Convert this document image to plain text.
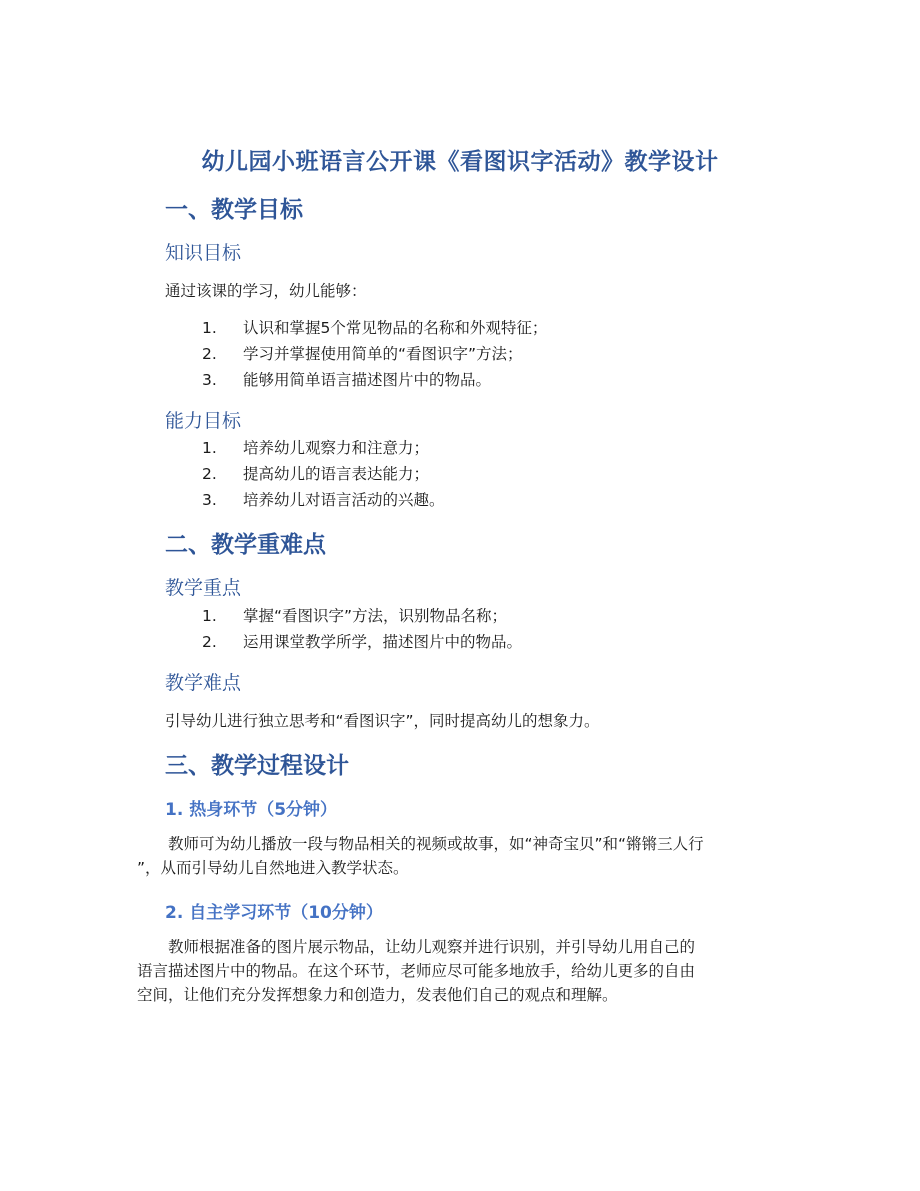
幼儿园小班语言公开课《看图识字活动》教学设计
一、教学目标
知识目标
通过该课的学习，幼儿能够：
1. 认识和掌握5个常见物品的名称和外观特征；
2. 学习并掌握使用简单的“看图识字”方法；
3. 能够用简单语言描述图片中的物品。
能力目标
1. 培养幼儿观察力和注意力；
2. 提高幼儿的语言表达能力；
3. 培养幼儿对语言活动的兴趣。
二、教学重难点
教学重点
1. 掌握“看图识字”方法，识别物品名称；
2. 运用课堂教学所学，描述图片中的物品。
教学难点
引导幼儿进行独立思考和“看图识字”，同时提高幼儿的想象力。
三、教学过程设计
1. 热身环节（5分钟）
　　教师可为幼儿播放一段与物品相关的视频或故事，如“神奇宝贝”和“锵锵三人行
”，从而引导幼儿自然地进入教学状态。
2. 自主学习环节（10分钟）
　　教师根据准备的图片展示物品，让幼儿观察并进行识别，并引导幼儿用自己的
语言描述图片中的物品。在这个环节，老师应尽可能多地放手，给幼儿更多的自由
空间，让他们充分发挥想象力和创造力，发表他们自己的观点和理解。
